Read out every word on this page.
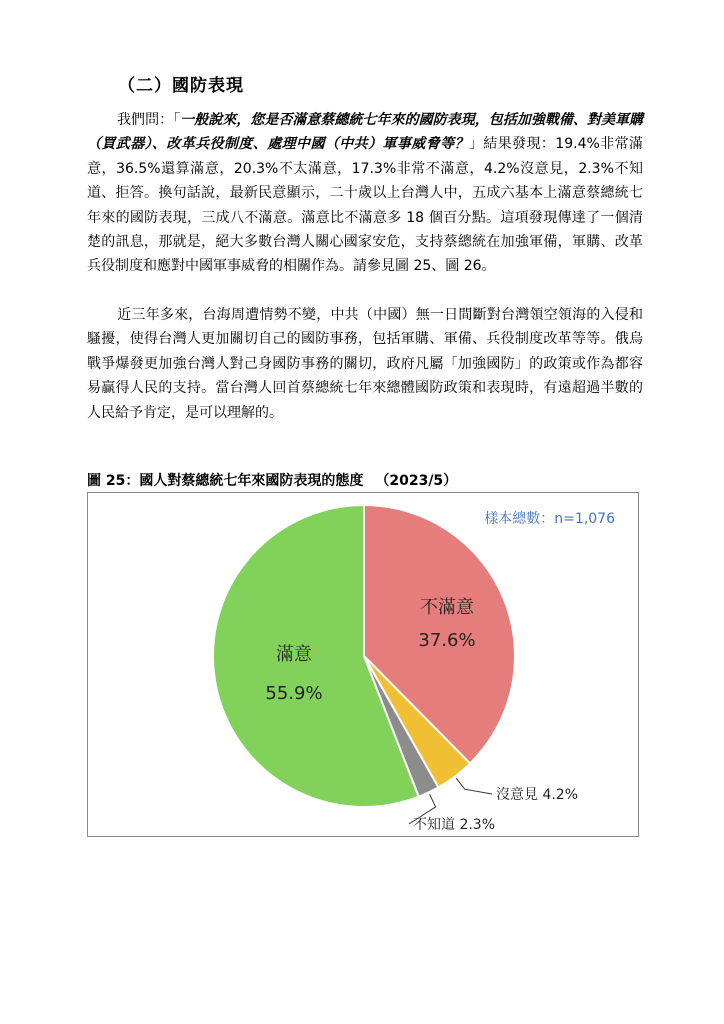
（二）國防表現

我們問：「一般說來，您是否滿意蔡總統七年來的國防表現，包括加強戰備、對美軍購（買武器）、改革兵役制度、處理中國（中共）軍事威脅等？」結果發現：19.4%非常滿意，36.5%還算滿意，20.3%不太滿意，17.3%非常不滿意，4.2%沒意見，2.3%不知道、拒答。換句話說，最新民意顯示，二十歲以上台灣人中，五成六基本上滿意蔡總統七年來的國防表現，三成八不滿意。滿意比不滿意多 18 個百分點。這項發現傳達了一個清楚的訊息，那就是，絕大多數台灣人關心國家安危，支持蔡總統在加強軍備，軍購、改革兵役制度和應對中國軍事威脅的相關作為。請參見圖 25、圖 26。

近三年多來，台海周遭情勢不變，中共（中國）無一日間斷對台灣領空領海的入侵和騷擾，使得台灣人更加關切自己的國防事務，包括軍購、軍備、兵役制度改革等等。俄烏戰爭爆發更加強台灣人對己身國防事務的關切，政府凡屬「加強國防」的政策或作為都容易贏得人民的支持。當台灣人回首蔡總統七年來總體國防政策和表現時，有遠超過半數的人民給予肯定，是可以理解的。

圖 25：國人對蔡總統七年來國防表現的態度 （2023/5）
不滿意
37.6%
沒意見 4.2%
不知道 2.3%
滿意
55.9%
樣本總數：n=1,076
